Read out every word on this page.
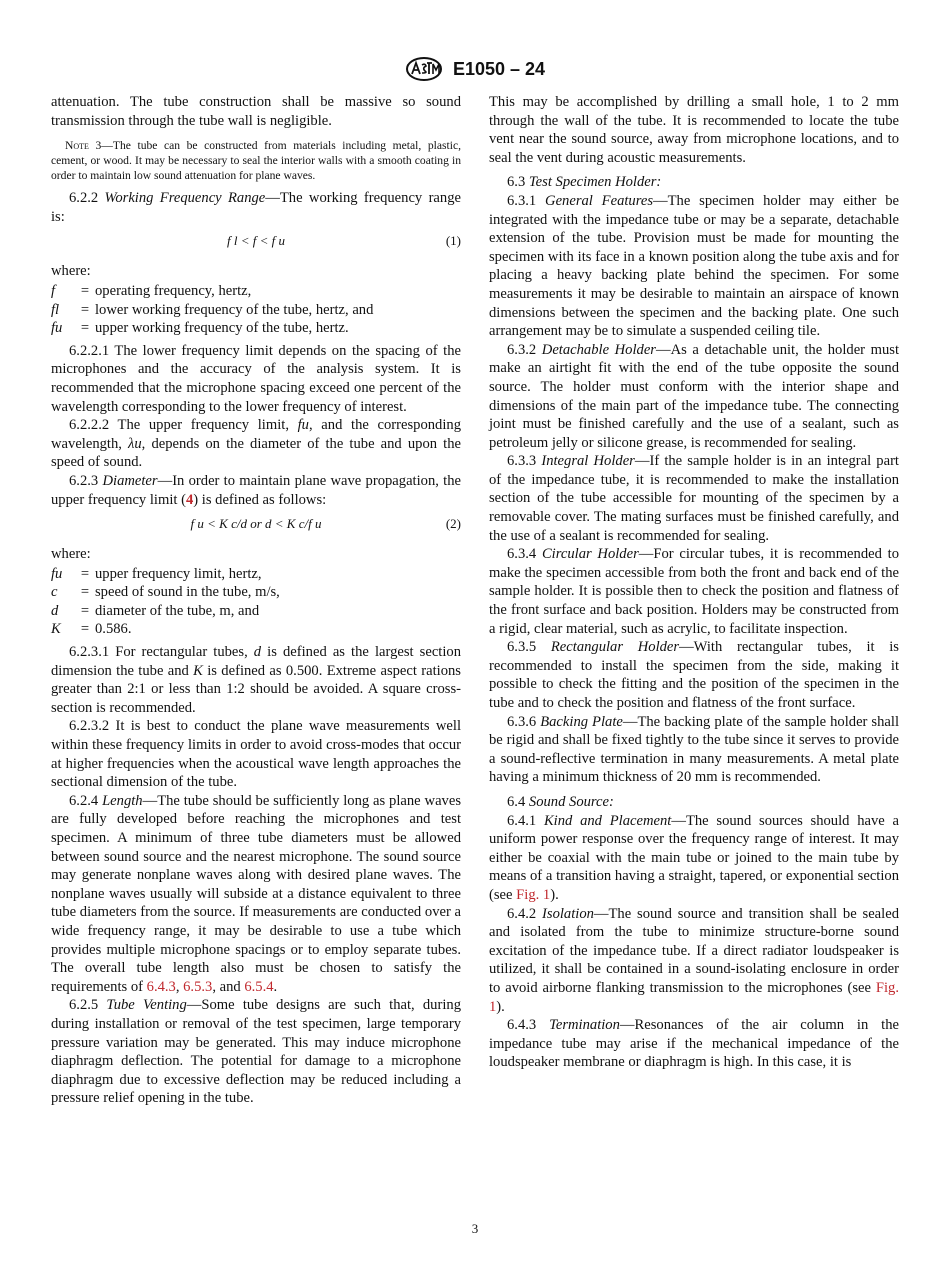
E1050 – 24

attenuation. The tube construction shall be massive so sound transmission through the tube wall is negligible.

Note 3—The tube can be constructed from materials including metal, plastic, cement, or wood. It may be necessary to seal the interior walls with a smooth coating in order to maintain low sound attenuation for plane waves.

6.2.2 Working Frequency Range—The working frequency range is:

f l < f < f u	(1)

where:

f	=	operating frequency, hertz,
fl	=	lower working frequency of the tube, hertz, and
fu	=	upper working frequency of the tube, hertz.

6.2.2.1 The lower frequency limit depends on the spacing of the microphones and the accuracy of the analysis system. It is recommended that the microphone spacing exceed one percent of the wavelength corresponding to the lower frequency of interest.

6.2.2.2 The upper frequency limit, fu, and the corresponding wavelength, λu, depends on the diameter of the tube and upon the speed of sound.

6.2.3 Diameter—In order to maintain plane wave propagation, the upper frequency limit (4) is defined as follows:

f u < K c/d or d < K c/f u	(2)

where:

fu	=	upper frequency limit, hertz,
c	=	speed of sound in the tube, m/s,
d	=	diameter of the tube, m, and
K	=	0.586.

6.2.3.1 For rectangular tubes, d is defined as the largest section dimension the tube and K is defined as 0.500. Extreme aspect rations greater than 2:1 or less than 1:2 should be avoided. A square cross-section is recommended.

6.2.3.2 It is best to conduct the plane wave measurements well within these frequency limits in order to avoid cross-modes that occur at higher frequencies when the acoustical wave length approaches the sectional dimension of the tube.

6.2.4 Length—The tube should be sufficiently long as plane waves are fully developed before reaching the microphones and test specimen. A minimum of three tube diameters must be allowed between sound source and the nearest microphone. The sound source may generate nonplane waves along with desired plane waves. The nonplane waves usually will subside at a distance equivalent to three tube diameters from the source. If measurements are conducted over a wide frequency range, it may be desirable to use a tube which provides multiple microphone spacings or to employ separate tubes. The overall tube length also must be chosen to satisfy the requirements of 6.4.3, 6.5.3, and 6.5.4.

6.2.5 Tube Venting—Some tube designs are such that, during during installation or removal of the test specimen, large temporary pressure variation may be generated. This may induce microphone diaphragm deflection. The potential for damage to a microphone diaphragm due to excessive deflection may be reduced including a pressure relief opening in the tube.

This may be accomplished by drilling a small hole, 1 to 2 mm through the wall of the tube. It is recommended to locate the tube vent near the sound source, away from microphone locations, and to seal the vent during acoustic measurements.

6.3 Test Specimen Holder:

6.3.1 General Features—The specimen holder may either be integrated with the impedance tube or may be a separate, detachable extension of the tube. Provision must be made for mounting the specimen with its face in a known position along the tube axis and for placing a heavy backing plate behind the specimen. For some measurements it may be desirable to maintain an airspace of known dimensions between the specimen and the backing plate. One such arrangement may be to simulate a suspended ceiling tile.

6.3.2 Detachable Holder—As a detachable unit, the holder must make an airtight fit with the end of the tube opposite the sound source. The holder must conform with the interior shape and dimensions of the main part of the impedance tube. The connecting joint must be finished carefully and the use of a sealant, such as petroleum jelly or silicone grease, is recommended for sealing.

6.3.3 Integral Holder—If the sample holder is in an integral part of the impedance tube, it is recommended to make the installation section of the tube accessible for mounting of the specimen by a removable cover. The mating surfaces must be finished carefully, and the use of a sealant is recommended for sealing.

6.3.4 Circular Holder—For circular tubes, it is recommended to make the specimen accessible from both the front and back end of the sample holder. It is possible then to check the position and flatness of the front surface and back position. Holders may be constructed from a rigid, clear material, such as acrylic, to facilitate inspection.

6.3.5 Rectangular Holder—With rectangular tubes, it is recommended to install the specimen from the side, making it possible to check the fitting and the position of the specimen in the tube and to check the position and flatness of the front surface.

6.3.6 Backing Plate—The backing plate of the sample holder shall be rigid and shall be fixed tightly to the tube since it serves to provide a sound-reflective termination in many measurements. A metal plate having a minimum thickness of 20 mm is recommended.

6.4 Sound Source:

6.4.1 Kind and Placement—The sound sources should have a uniform power response over the frequency range of interest. It may either be coaxial with the main tube or joined to the main tube by means of a transition having a straight, tapered, or exponential section (see Fig. 1).

6.4.2 Isolation—The sound source and transition shall be sealed and isolated from the tube to minimize structure-borne sound excitation of the impedance tube. If a direct radiator loudspeaker is utilized, it shall be contained in a sound-isolating enclosure in order to avoid airborne flanking transmission to the microphones (see Fig. 1).

6.4.3 Termination—Resonances of the air column in the impedance tube may arise if the mechanical impedance of the loudspeaker membrane or diaphragm is high. In this case, it is

3
